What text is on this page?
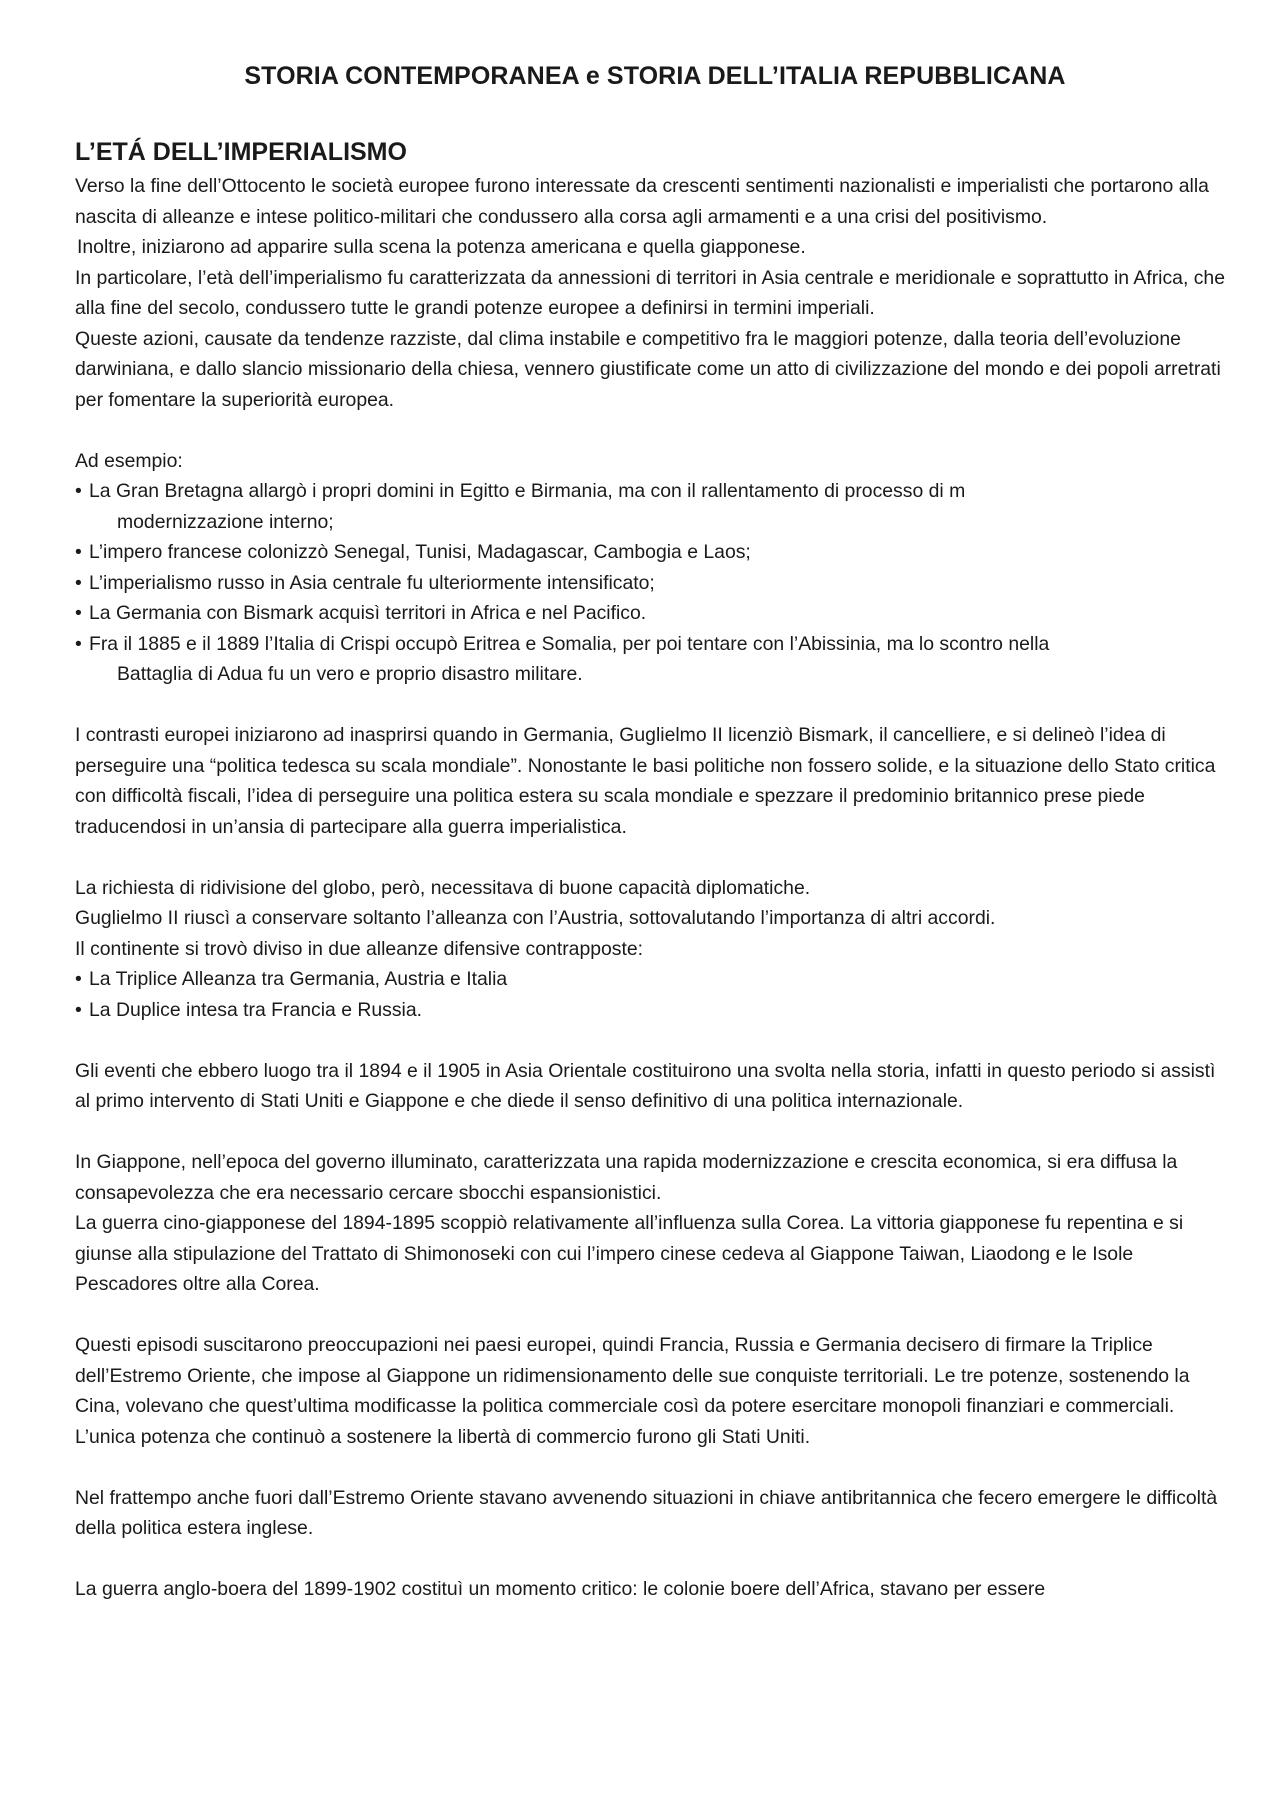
STORIA CONTEMPORANEA e STORIA DELL’ITALIA REPUBBLICANA
L’ETÁ DELL’IMPERIALISMO

Verso la fine dell’Ottocento le società europee furono interessate da crescenti sentimenti nazionalisti e imperialisti che portarono alla nascita di alleanze e intese politico-militari che condussero alla corsa agli armamenti e a una crisi del positivismo.

Inoltre, iniziarono ad apparire sulla scena la potenza americana e quella giapponese.

In particolare, l’età dell’imperialismo fu caratterizzata da annessioni di territori in Asia centrale e meridionale e soprattutto in Africa, che alla fine del secolo, condussero tutte le grandi potenze europee a definirsi in termini imperiali.

Queste azioni, causate da tendenze razziste, dal clima instabile e competitivo fra le maggiori potenze, dalla teoria dell’evoluzione darwiniana, e dallo slancio missionario della chiesa, vennero giustificate come un atto di civilizzazione del mondo e dei popoli arretrati per fomentare la superiorità europea.

Ad esempio:

• La Gran Bretagna allargò i propri domini in Egitto e Birmania, ma con il rallentamento di processo di m
modernizzazione interno;
• L’impero francese colonizzò Senegal, Tunisi, Madagascar, Cambogia e Laos;
• L’imperialismo russo in Asia centrale fu ulteriormente intensificato;
• La Germania con Bismark acquisì territori in Africa e nel Pacifico.
• Fra il 1885 e il 1889 l’Italia di Crispi occupò Eritrea e Somalia, per poi tentare con l’Abissinia, ma lo scontro nella
Battaglia di Adua fu un vero e proprio disastro militare.

I contrasti europei iniziarono ad inasprirsi quando in Germania, Guglielmo II licenziò Bismark, il cancelliere, e si delineò l’idea di perseguire una “politica tedesca su scala mondiale”. Nonostante le basi politiche non fossero solide, e la situazione dello Stato critica con difficoltà fiscali, l’idea di perseguire una politica estera su scala mondiale e spezzare il predominio britannico prese piede traducendosi in un’ansia di partecipare alla guerra imperialistica.

La richiesta di ridivisione del globo, però, necessitava di buone capacità diplomatiche.

Guglielmo II riuscì a conservare soltanto l’alleanza con l’Austria, sottovalutando l’importanza di altri accordi.

Il continente si trovò diviso in due alleanze difensive contrapposte:

• La Triplice Alleanza tra Germania, Austria e Italia
• La Duplice intesa tra Francia e Russia.

Gli eventi che ebbero luogo tra il 1894 e il 1905 in Asia Orientale costituirono una svolta nella storia, infatti in questo periodo si assistì al primo intervento di Stati Uniti e Giappone e che diede il senso definitivo di una politica internazionale.

In Giappone, nell’epoca del governo illuminato, caratterizzata una rapida modernizzazione e crescita economica, si era diffusa la consapevolezza che era necessario cercare sbocchi espansionistici.

La guerra cino-giapponese del 1894-1895 scoppiò relativamente all’influenza sulla Corea. La vittoria giapponese fu repentina e si giunse alla stipulazione del Trattato di Shimonoseki con cui l’impero cinese cedeva al Giappone Taiwan, Liaodong e le Isole Pescadores oltre alla Corea.

Questi episodi suscitarono preoccupazioni nei paesi europei, quindi Francia, Russia e Germania decisero di firmare la Triplice dell’Estremo Oriente, che impose al Giappone un ridimensionamento delle sue conquiste territoriali. Le tre potenze, sostenendo la Cina, volevano che quest’ultima modificasse la politica commerciale così da potere esercitare monopoli finanziari e commerciali.

L’unica potenza che continuò a sostenere la libertà di commercio furono gli Stati Uniti.

Nel frattempo anche fuori dall’Estremo Oriente stavano avvenendo situazioni in chiave antibritannica che fecero emergere le difficoltà della politica estera inglese.

La guerra anglo-boera del 1899-1902 costituì un momento critico: le colonie boere dell’Africa, stavano per essere
